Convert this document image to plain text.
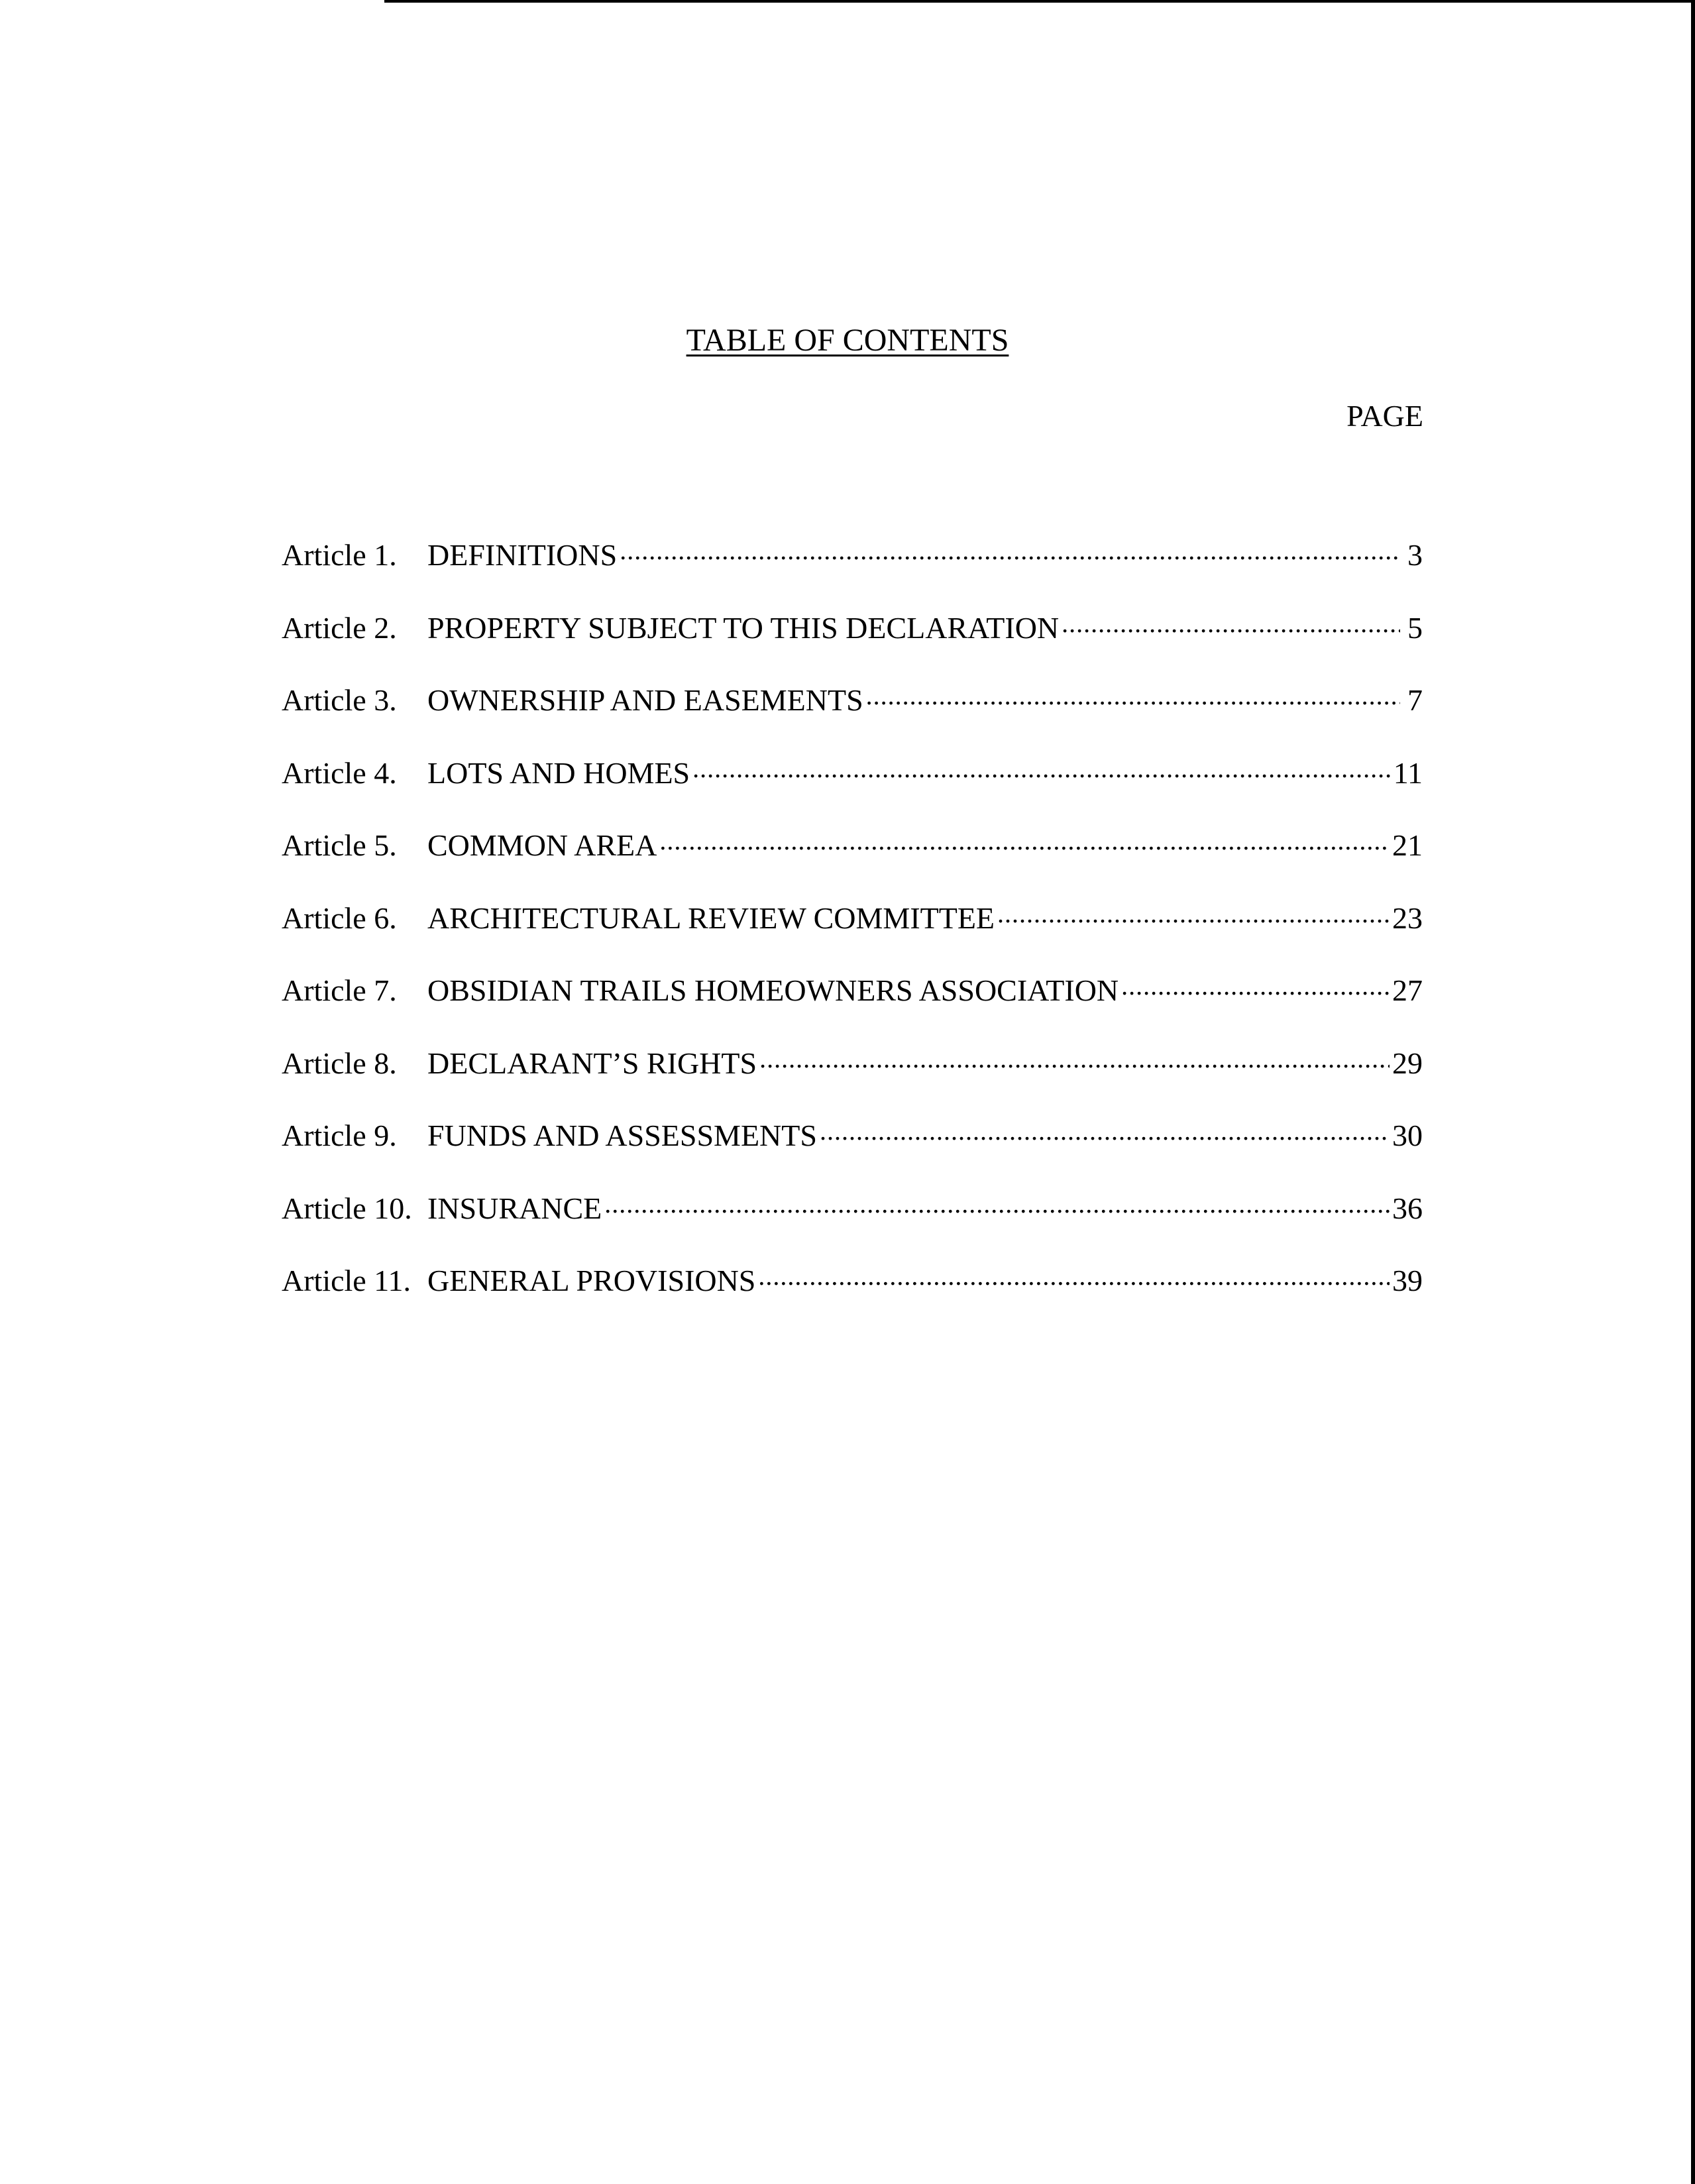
TABLE OF CONTENTS
PAGE
Article 1.	DEFINITIONS .....	3
Article 2.	PROPERTY SUBJECT TO THIS DECLARATION .....	5
Article 3.	OWNERSHIP AND EASEMENTS .....	7
Article 4.	LOTS AND HOMES .....	11
Article 5.	COMMON AREA .....	21
Article 6.	ARCHITECTURAL REVIEW COMMITTEE .....	23
Article 7.	OBSIDIAN TRAILS HOMEOWNERS ASSOCIATION .....	27
Article 8.	DECLARANT’S RIGHTS .....	29
Article 9.	FUNDS AND ASSESSMENTS .....	30
Article 10. INSURANCE .....	36
Article 11. GENERAL PROVISIONS .....	39
